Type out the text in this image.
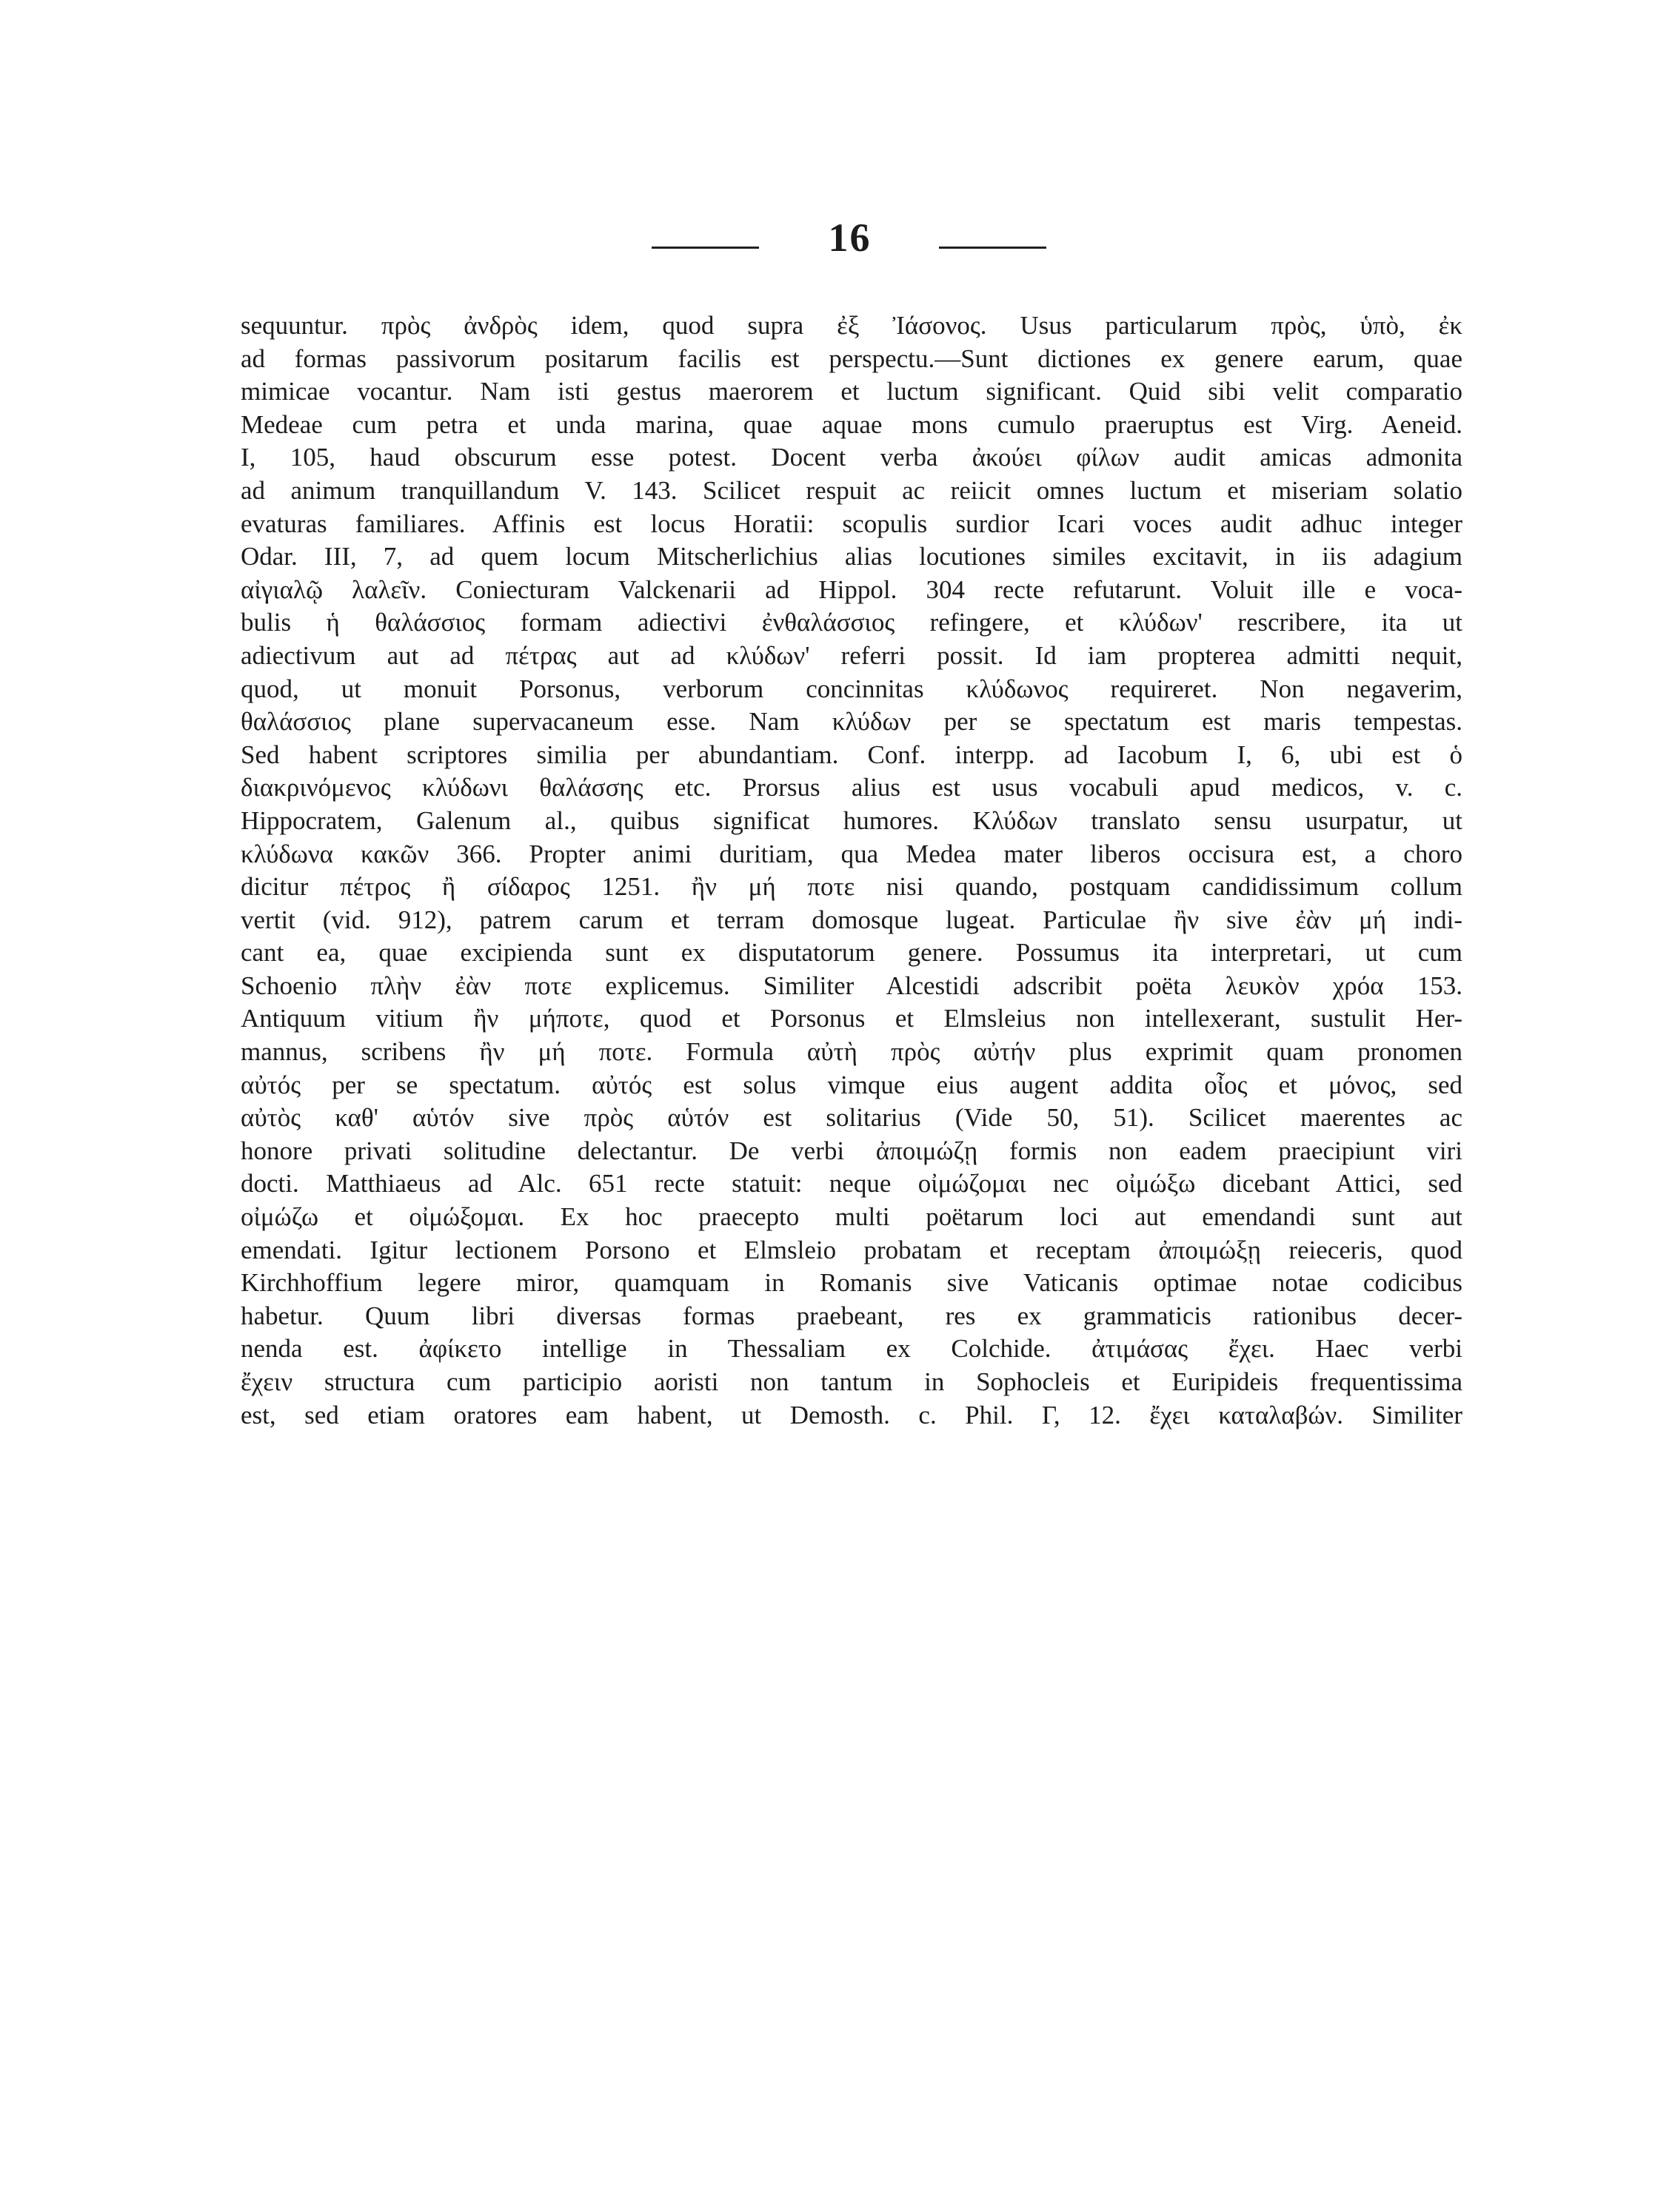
16
sequuntur. πρὸς ἀνδρὸς idem, quod supra ἐξ Ἰάσονος. Usus particularum πρὸς, ὑπὸ, ἐκ
ad formas passivorum positarum facilis est perspectu.—Sunt dictiones ex genere earum, quae
mimicae vocantur. Nam isti gestus maerorem et luctum significant. Quid sibi velit comparatio
Medeae cum petra et unda marina, quae aquae mons cumulo praeruptus est Virg. Aeneid.
I, 105, haud obscurum esse potest. Docent verba ἀκούει φίλων audit amicas admonita
ad animum tranquillandum V. 143. Scilicet respuit ac reiicit omnes luctum et miseriam solatio
evaturas familiares. Affinis est locus Horatii: scopulis surdior Icari voces audit adhuc integer
Odar. III, 7, ad quem locum Mitscherlichius alias locutiones similes excitavit, in iis adagium
αἰγιαλῷ λαλεῖν. Coniecturam Valckenarii ad Hippol. 304 recte refutarunt. Voluit ille e voca-
bulis ἡ θαλάσσιος formam adiectivi ἐνθαλάσσιος refingere, et κλύδων' rescribere, ita ut
adiectivum aut ad πέτρας aut ad κλύδων' referri possit. Id iam propterea admitti nequit,
quod, ut monuit Porsonus, verborum concinnitas κλύδωνος requireret. Non negaverim,
θαλάσσιος plane supervacaneum esse. Nam κλύδων per se spectatum est maris tempestas.
Sed habent scriptores similia per abundantiam. Conf. interpp. ad Iacobum I, 6, ubi est ὁ
διακρινόμενος κλύδωνι θαλάσσης etc. Prorsus alius est usus vocabuli apud medicos, v. c.
Hippocratem, Galenum al., quibus significat humores. Κλύδων translato sensu usurpatur, ut
κλύδωνα κακῶν 366. Propter animi duritiam, qua Medea mater liberos occisura est, a choro
dicitur πέτρος ἢ σίδαρος 1251. ἢν μή ποτε nisi quando, postquam candidissimum collum
vertit (vid. 912), patrem carum et terram domosque lugeat. Particulae ἢν sive ἐὰν μή indi-
cant ea, quae excipienda sunt ex disputatorum genere. Possumus ita interpretari, ut cum
Schoenio πλὴν ἐὰν ποτε explicemus. Similiter Alcestidi adscribit poëta λευκὸν χρόα 153.
Antiquum vitium ἢν μήποτε, quod et Porsonus et Elmsleius non intellexerant, sustulit Her-
mannus, scribens ἢν μή ποτε. Formula αὐτὴ πρὸς αὐτήν plus exprimit quam pronomen
αὐτός per se spectatum. αὐτός est solus vimque eius augent addita οἶος et μόνος, sed
αὐτὸς καθ' αὑτόν sive πρὸς αὑτόν est solitarius (Vide 50, 51). Scilicet maerentes ac
honore privati solitudine delectantur. De verbi ἀποιμώζῃ formis non eadem praecipiunt viri
docti. Matthiaeus ad Alc. 651 recte statuit: neque οἰμώζομαι nec οἰμώξω dicebant Attici, sed
οἰμώζω et οἰμώξομαι. Ex hoc praecepto multi poëtarum loci aut emendandi sunt aut
emendati. Igitur lectionem Porsono et Elmsleio probatam et receptam ἀποιμώξῃ reieceris, quod
Kirchhoffium legere miror, quamquam in Romanis sive Vaticanis optimae notae codicibus
habetur. Quum libri diversas formas praebeant, res ex grammaticis rationibus decer-
nenda est. ἀφίκετο intellige in Thessaliam ex Colchide. ἀτιμάσας ἔχει. Haec verbi
ἔχειν structura cum participio aoristi non tantum in Sophocleis et Euripideis frequentissima
est, sed etiam oratores eam habent, ut Demosth. c. Phil. Γ, 12. ἔχει καταλαβών. Similiter
